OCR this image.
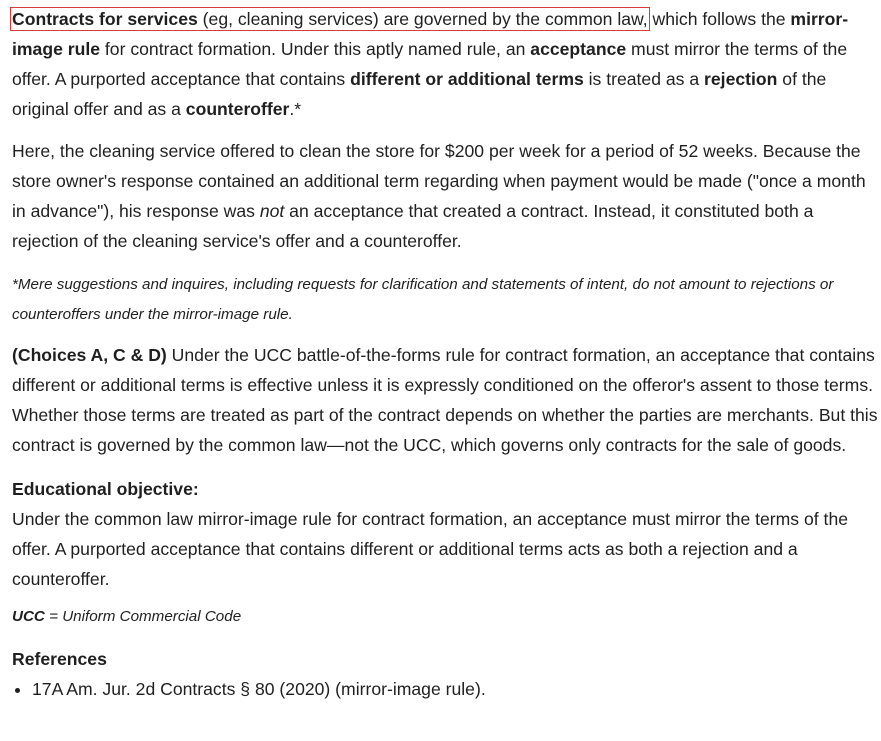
Contracts for services (eg, cleaning services) are governed by the common law, which follows the mirror-image rule for contract formation. Under this aptly named rule, an acceptance must mirror the terms of the offer. A purported acceptance that contains different or additional terms is treated as a rejection of the original offer and as a counteroffer.*

Here, the cleaning service offered to clean the store for $200 per week for a period of 52 weeks. Because the store owner's response contained an additional term regarding when payment would be made ("once a month in advance"), his response was not an acceptance that created a contract. Instead, it constituted both a rejection of the cleaning service's offer and a counteroffer.

*Mere suggestions and inquires, including requests for clarification and statements of intent, do not amount to rejections or counteroffers under the mirror-image rule.

(Choices A, C & D) Under the UCC battle-of-the-forms rule for contract formation, an acceptance that contains different or additional terms is effective unless it is expressly conditioned on the offeror's assent to those terms. Whether those terms are treated as part of the contract depends on whether the parties are merchants. But this contract is governed by the common law—not the UCC, which governs only contracts for the sale of goods.

Educational objective:

Under the common law mirror-image rule for contract formation, an acceptance must mirror the terms of the offer. A purported acceptance that contains different or additional terms acts as both a rejection and a counteroffer.

UCC = Uniform Commercial Code

References

• 17A Am. Jur. 2d Contracts § 80 (2020) (mirror-image rule).
